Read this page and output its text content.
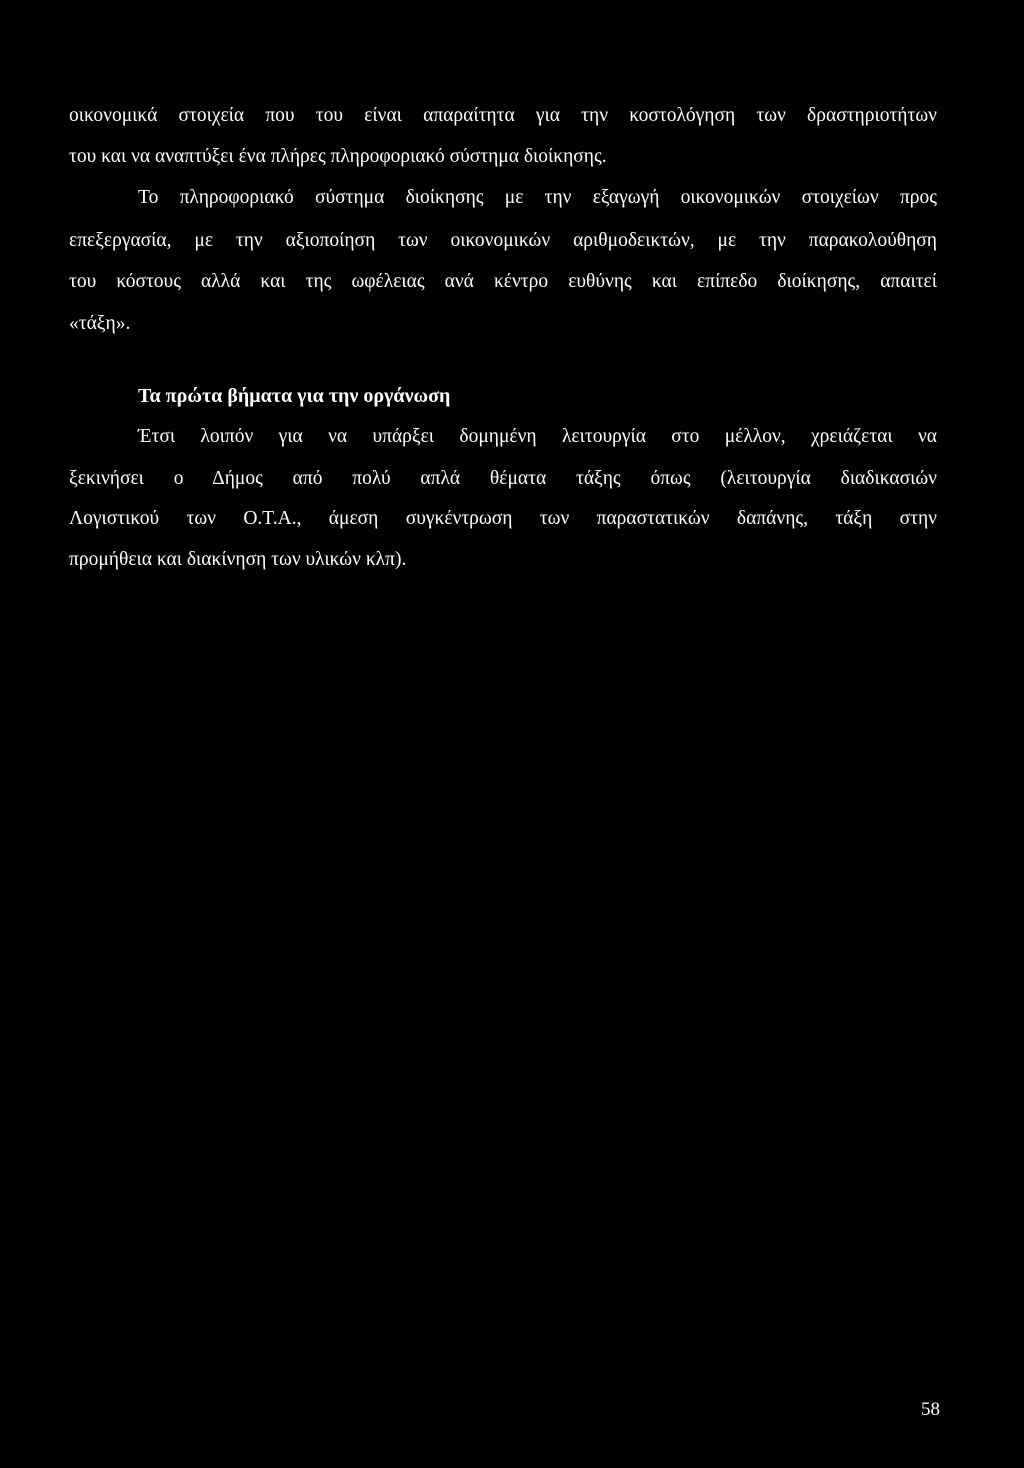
οικονομικά στοιχεία που του είναι απαραίτητα για την κοστολόγηση των δραστηριοτήτων
του και να αναπτύξει ένα πλήρες πληροφοριακό σύστημα διοίκησης.
Το πληροφοριακό σύστημα διοίκησης με την εξαγωγή οικονομικών στοιχείων προς
επεξεργασία, με την αξιοποίηση των οικονομικών αριθμοδεικτών, με την παρακολούθηση
του κόστους αλλά και της ωφέλειας ανά κέντρο ευθύνης και επίπεδο διοίκησης, απαιτεί
«τάξη».
Τα πρώτα βήματα για την οργάνωση
Έτσι λοιπόν για να υπάρξει δομημένη λειτουργία στο μέλλον, χρειάζεται να
ξεκινήσει ο Δήμος από πολύ απλά θέματα τάξης όπως (λειτουργία διαδικασιών
Λογιστικού των Ο.Τ.Α., άμεση συγκέντρωση των παραστατικών δαπάνης, τάξη στην
προμήθεια και διακίνηση των υλικών κλπ).
58
